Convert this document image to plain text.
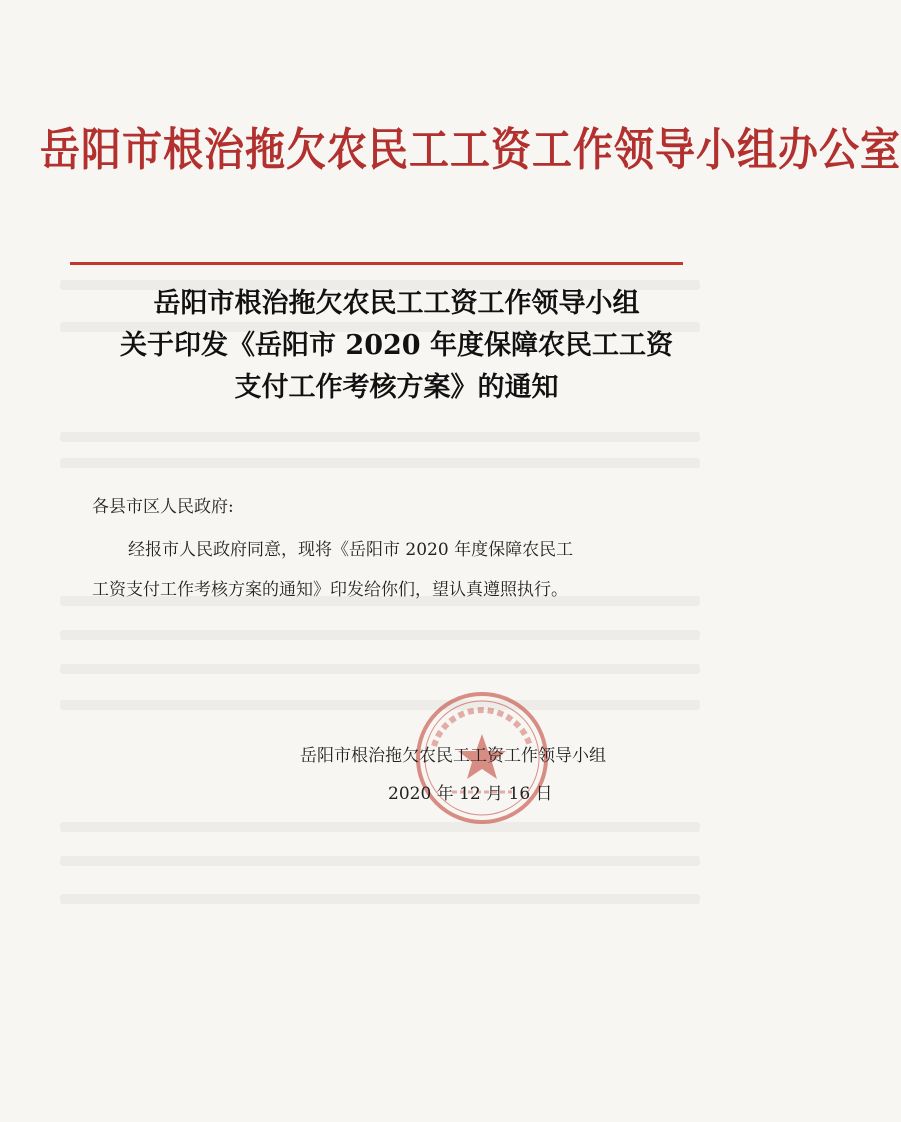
岳阳市根治拖欠农民工工资工作领导小组办公室
岳阳市根治拖欠农民工工资工作领导小组
关于印发《岳阳市 2020 年度保障农民工工资
支付工作考核方案》的通知
各县市区人民政府:
经报市人民政府同意，现将《岳阳市 2020 年度保障农民工
工资支付工作考核方案的通知》印发给你们，望认真遵照执行。
岳阳市根治拖欠农民工工资工作领导小组
2020 年 12 月 16 日
